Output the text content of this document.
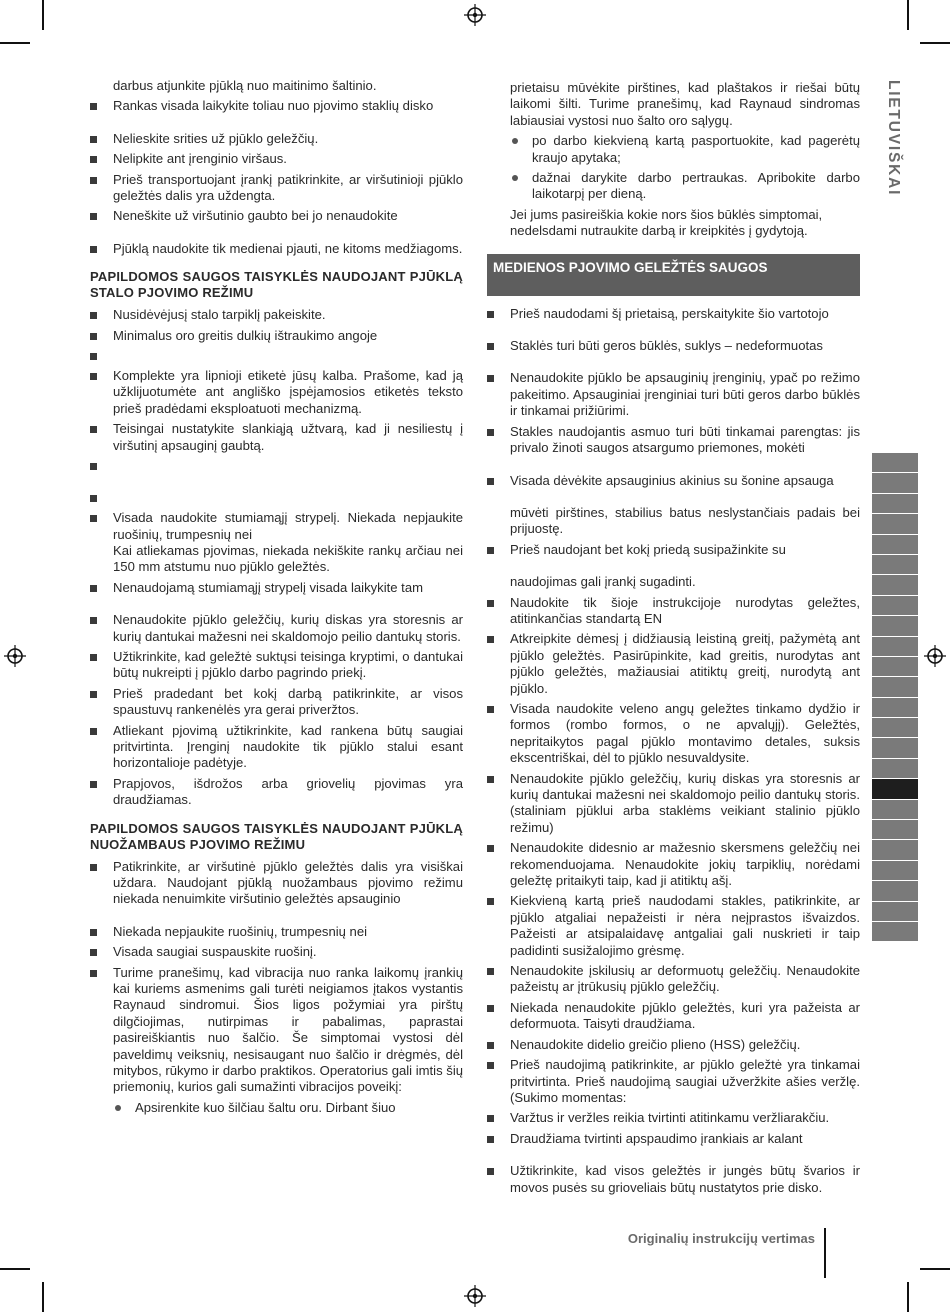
darbus atjunkite pjūklą nuo maitinimo šaltinio.
Rankas visada laikykite toliau nuo pjovimo staklių disko
Nelieskite srities už pjūklo geležčių.
Nelipkite ant įrenginio viršaus.
Prieš transportuojant įrankį patikrinkite, ar viršutinioji pjūklo geležtės dalis yra uždengta.
Neneškite už viršutinio gaubto bei jo nenaudokite
Pjūklą naudokite tik medienai pjauti, ne kitoms medžiagoms.
PAPILDOMOS SAUGOS TAISYKLĖS NAUDOJANT PJŪKLĄ STALO PJOVIMO REŽIMU
Nusidėvėjusį stalo tarpiklį pakeiskite.
Minimalus oro greitis dulkių ištraukimo angoje
Komplekte yra lipnioji etiketė jūsų kalba. Prašome, kad ją užklijuotumėte ant angliško įspėjamosios etiketės teksto prieš pradėdami eksploatuoti mechanizmą.
Teisingai nustatykite slankiąją užtvarą, kad ji nesiliestų į viršutinį apsauginį gaubtą.
Visada naudokite stumiamąjį strypelį. Niekada nepjaukite ruošinių, trumpesnių nei
Kai atliekamas pjovimas, niekada nekiškite rankų arčiau nei 150 mm atstumu nuo pjūklo geležtės.
Nenaudojamą stumiamąjį strypelį visada laikykite tam
Nenaudokite pjūklo geležčių, kurių diskas yra storesnis ar kurių dantukai mažesni nei skaldomojo peilio dantukų storis.
Užtikrinkite, kad geležtė suktųsi teisinga kryptimi, o dantukai būtų nukreipti į pjūklo darbo pagrindo priekį.
Prieš pradedant bet kokį darbą patikrinkite, ar visos spaustuvų rankenėlės yra gerai priveržtos.
Atliekant pjovimą užtikrinkite, kad rankena būtų saugiai pritvirtinta. Įrenginį naudokite tik pjūklo stalui esant horizontalioje padėtyje.
Prapjovos, išdrožos arba griovelių pjovimas yra draudžiamas.
PAPILDOMOS SAUGOS TAISYKLĖS NAUDOJANT PJŪKLĄ NUOŽAMBAUS PJOVIMO REŽIMU
Patikrinkite, ar viršutinė pjūklo geležtės dalis yra visiškai uždara. Naudojant pjūklą nuožambaus pjovimo režimu niekada nenuimkite viršutinio geležtės apsauginio
Niekada nepjaukite ruošinių, trumpesnių nei
Visada saugiai suspauskite ruošinį.
Turime pranešimų, kad vibracija nuo ranka laikomų įrankių kai kuriems asmenims gali turėti neigiamos įtakos vystantis Raynaud sindromui. Šios ligos požymiai yra pirštų dilgčiojimas, nutirpimas ir pabalimas, paprastai pasireiškiantis nuo šalčio. Še simptomai vystosi dėl paveldimų veiksnių, nesisaugant nuo šalčio ir drėgmės, dėl mitybos, rūkymo ir darbo praktikos. Operatorius gali imtis šių priemonių, kurios gali sumažinti vibracijos poveikį:
Apsirenkite kuo šilčiau šaltu oru. Dirbant šiuo
prietaisu mūvėkite pirštines, kad plaštakos ir riešai būtų laikomi šilti. Turime pranešimų, kad Raynaud sindromas labiausiai vystosi nuo šalto oro sąlygų.
po darbo kiekvieną kartą pasportuokite, kad pagerėtų kraujo apytaka;
dažnai darykite darbo pertraukas. Apribokite darbo laikotarpį per dieną.
Jei jums pasireiškia kokie nors šios būklės simptomai, nedelsdami nutraukite darbą ir kreipkitės į gydytoją.
MEDIENOS PJOVIMO GELEŽTĖS SAUGOS
Prieš naudodami šį prietaisą, perskaitykite šio vartotojo
Staklės turi būti geros būklės, suklys – nedeformuotas
Nenaudokite pjūklo be apsauginių įrenginių, ypač po režimo pakeitimo. Apsauginiai įrenginiai turi būti geros darbo būklės ir tinkamai prižiūrimi.
Stakles naudojantis asmuo turi būti tinkamai parengtas: jis privalo žinoti saugos atsargumo priemones, mokėti
Visada dėvėkite apsauginius akinius su šonine apsauga
mūvėti pirštines, stabilius batus neslystančiais padais bei prijuostę.
Prieš naudojant bet kokį priedą susipažinkite su
naudojimas gali įrankį sugadinti.
Naudokite tik šioje instrukcijoje nurodytas geležtes, atitinkančias standartą EN
Atkreipkite dėmesį į didžiausią leistiną greitį, pažymėtą ant pjūklo geležtės. Pasirūpinkite, kad greitis, nurodytas ant pjūklo geležtės, mažiausiai atitiktų greitį, nurodytą ant pjūklo.
Visada naudokite veleno angų geležtes tinkamo dydžio ir formos (rombo formos, o ne apvalųjį). Geležtės, nepritaikytos pagal pjūklo montavimo detales, suksis ekscentriškai, dėl to pjūklo nesuvaldysite.
Nenaudokite pjūklo geležčių, kurių diskas yra storesnis ar kurių dantukai mažesni nei skaldomojo peilio dantukų storis. (staliniam pjūklui arba staklėms veikiant stalinio pjūklo režimu)
Nenaudokite didesnio ar mažesnio skersmens geležčių nei rekomenduojama. Nenaudokite jokių tarpiklių, norėdami geležtę pritaikyti taip, kad ji atitiktų ašį.
Kiekvieną kartą prieš naudodami stakles, patikrinkite, ar pjūklo atgaliai nepažeisti ir nėra neįprastos išvaizdos. Pažeisti ar atsipalaidavę antgaliai gali nuskrieti ir taip padidinti susižalojimo grėsmę.
Nenaudokite įskilusių ar deformuotų geležčių. Nenaudokite pažeistų ar įtrūkusių pjūklo geležčių.
Niekada nenaudokite pjūklo geležtės, kuri yra pažeista ar deformuota. Taisyti draudžiama.
Nenaudokite didelio greičio plieno (HSS) geležčių.
Prieš naudojimą patikrinkite, ar pjūklo geležtė yra tinkamai pritvirtinta. Prieš naudojimą saugiai užveržkite ašies veržlę. (Sukimo momentas:
Varžtus ir veržles reikia tvirtinti atitinkamu veržliarakčiu.
Draudžiama tvirtinti apspaudimo įrankiais ar kalant
Užtikrinkite, kad visos geležtės ir jungės būtų švarios ir movos pusės su grioveliais būtų nustatytos prie disko.
LIETUVIŠKAI
Originalių instrukcijų vertimas
